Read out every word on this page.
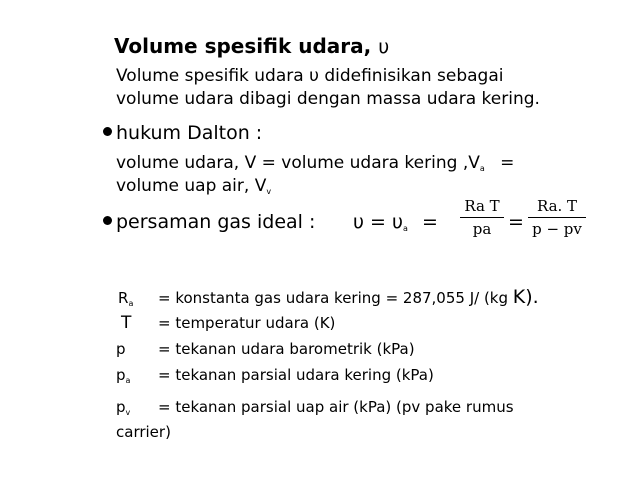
Volume spesifik udara, υ
Volume spesifik udara υ didefinisikan sebagai
volume udara dibagi dengan massa udara kering.
hukum Dalton :
volume udara, V = volume udara kering $,V_a$ =
volume uap air, $V_v$
persaman gas ideal : $\upsilon = \upsilon_a$ =
Ra T
pa =
Ra. T
p − pv
$R_a$ = konstanta gas udara kering = 287,055 J/ (kg K).
T = temperatur udara (K)
p = tekanan udara barometrik (kPa)
$p_a$ = tekanan parsial udara kering (kPa)
$p_v$ = tekanan parsial uap air (kPa) (pv pake rumus
carrier)
